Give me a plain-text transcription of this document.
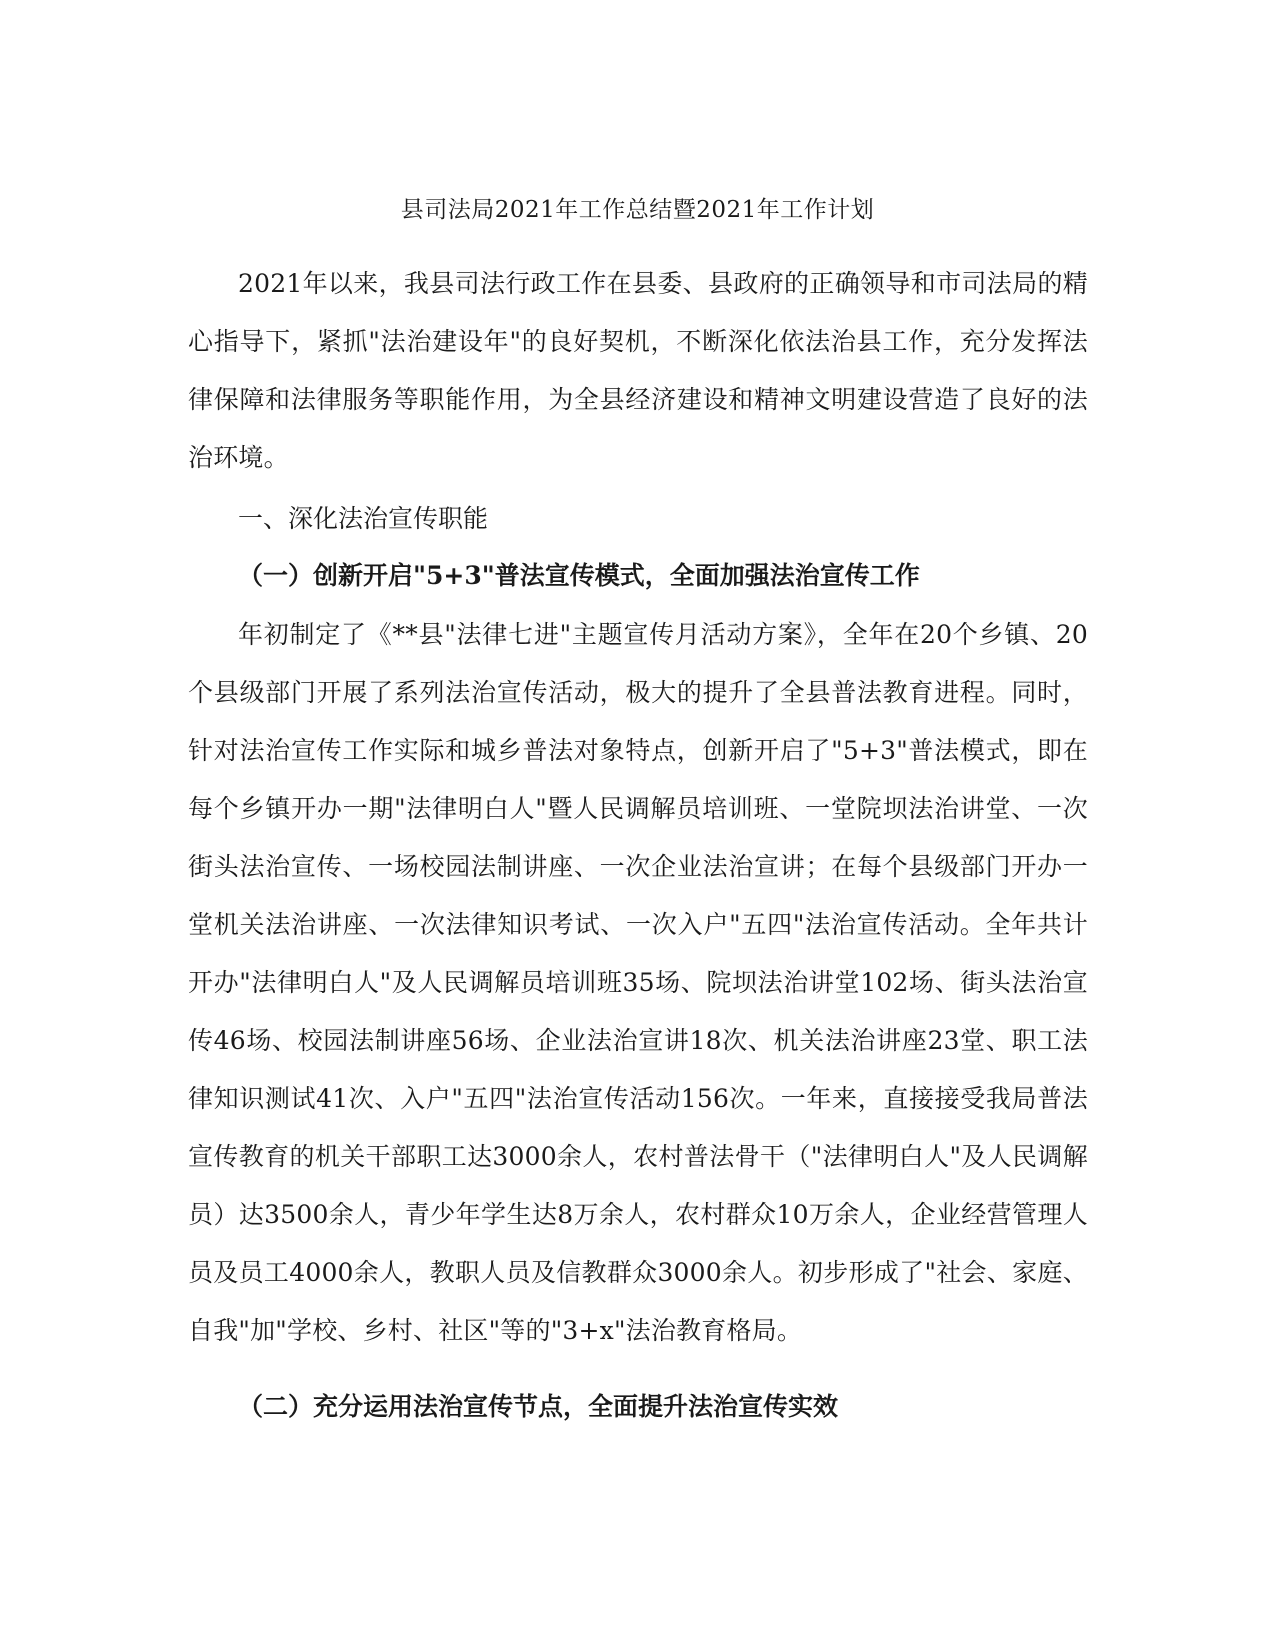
县司法局2021年工作总结暨2021年工作计划
2021年以来，我县司法行政工作在县委、县政府的正确领导和市司法局的精心指导下，紧抓"法治建设年"的良好契机，不断深化依法治县工作，充分发挥法律保障和法律服务等职能作用，为全县经济建设和精神文明建设营造了良好的法治环境。
一、深化法治宣传职能
（一）创新开启"5+3"普法宣传模式，全面加强法治宣传工作
年初制定了《**县"法律七进"主题宣传月活动方案》，全年在20个乡镇、20个县级部门开展了系列法治宣传活动，极大的提升了全县普法教育进程。同时，针对法治宣传工作实际和城乡普法对象特点，创新开启了"5+3"普法模式，即在每个乡镇开办一期"法律明白人"暨人民调解员培训班、一堂院坝法治讲堂、一次街头法治宣传、一场校园法制讲座、一次企业法治宣讲；在每个县级部门开办一堂机关法治讲座、一次法律知识考试、一次入户"五四"法治宣传活动。全年共计开办"法律明白人"及人民调解员培训班35场、院坝法治讲堂102场、街头法治宣传46场、校园法制讲座56场、企业法治宣讲18次、机关法治讲座23堂、职工法律知识测试41次、入户"五四"法治宣传活动156次。一年来，直接接受我局普法宣传教育的机关干部职工达3000余人，农村普法骨干（"法律明白人"及人民调解员）达3500余人，青少年学生达8万余人，农村群众10万余人，企业经营管理人员及员工4000余人，教职人员及信教群众3000余人。初步形成了"社会、家庭、自我"加"学校、乡村、社区"等的"3+x"法治教育格局。
（二）充分运用法治宣传节点，全面提升法治宣传实效
